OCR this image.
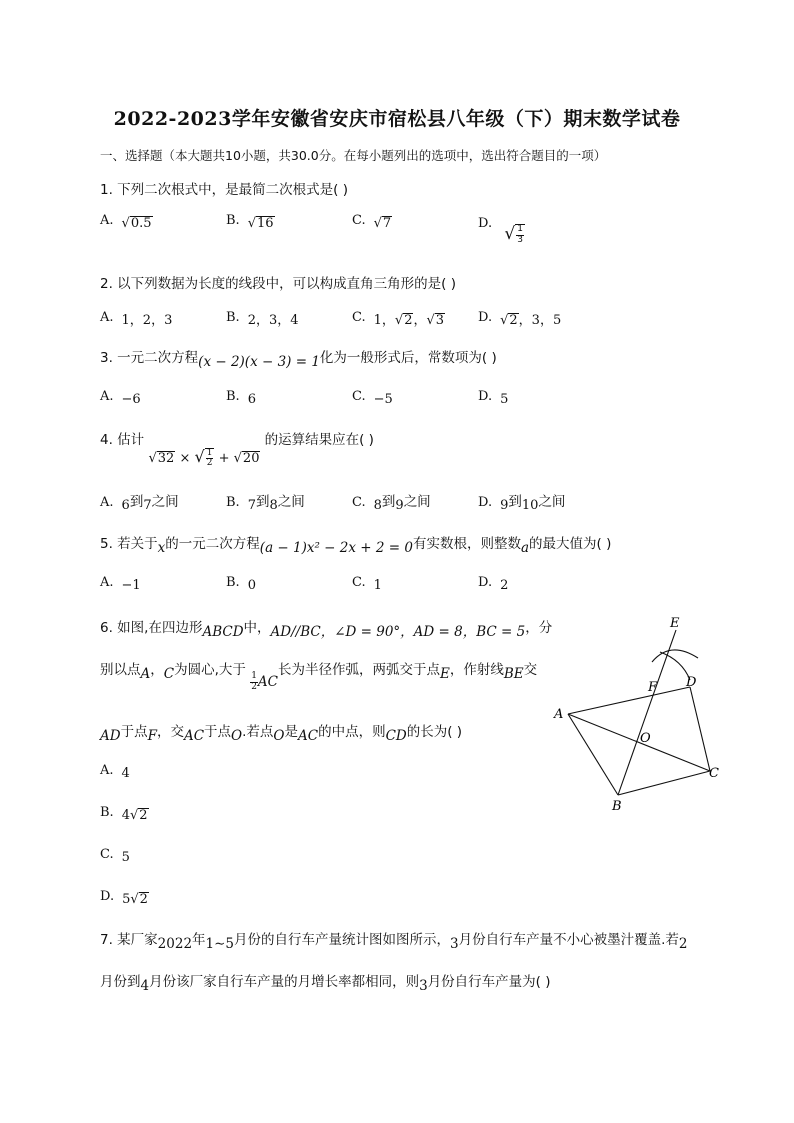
2022-2023学年安徽省安庆市宿松县八年级（下）期末数学试卷
一、选择题（本大题共10小题，共30.0分。在每小题列出的选项中，选出符合题目的一项）
1. 下列二次根式中，是最简二次根式是( )
A. √0.5	B. √16	C. √7	D. √ $\frac{1}{3}$
2. 以下列数据为长度的线段中，可以构成直角三角形的是( )
A. 1，2，3	B. 2，3，4	C. 1，√2，√3	D. √2，3，5
3. 一元二次方程(x − 2)(x − 3) = 1化为一般形式后，常数项为( )
A. −6	B. 6	C. −5	D. 5
4. 估计 √32 × √ $\frac{1}{2} + √20$ 的运算结果应在( )
A. 6到7之间	B. 7到8之间	C. 8到9之间	D. 9到10之间
5. 若关于x的一元二次方程(a − 1)x² − 2x + 2 = 0有实数根，则整数a的最大值为( )
A. −1	B. 0	C. 1	D. 2
6. 如图,在四边形ABCD中，AD//BC，∠D = 90°，AD = 8，BC = 5，分
别以点A，C为圆心,大于
$\frac{1}{2}$ AC长为半径作弧，两弧交于点E，作射线BE交
AD于点F，交AC于点O.若点O是AC的中点，则CD的长为( )
A. 4
B. 4√2
C. 5
D. 5√2
E
F D
A
O
B
C
7. 某厂家2022年1∼5月份的自行车产量统计图如图所示，3月份自行车产量不小心被墨汁覆盖.若2
月份到4月份该厂家自行车产量的月增长率都相同，则3月份自行车产量为( )
